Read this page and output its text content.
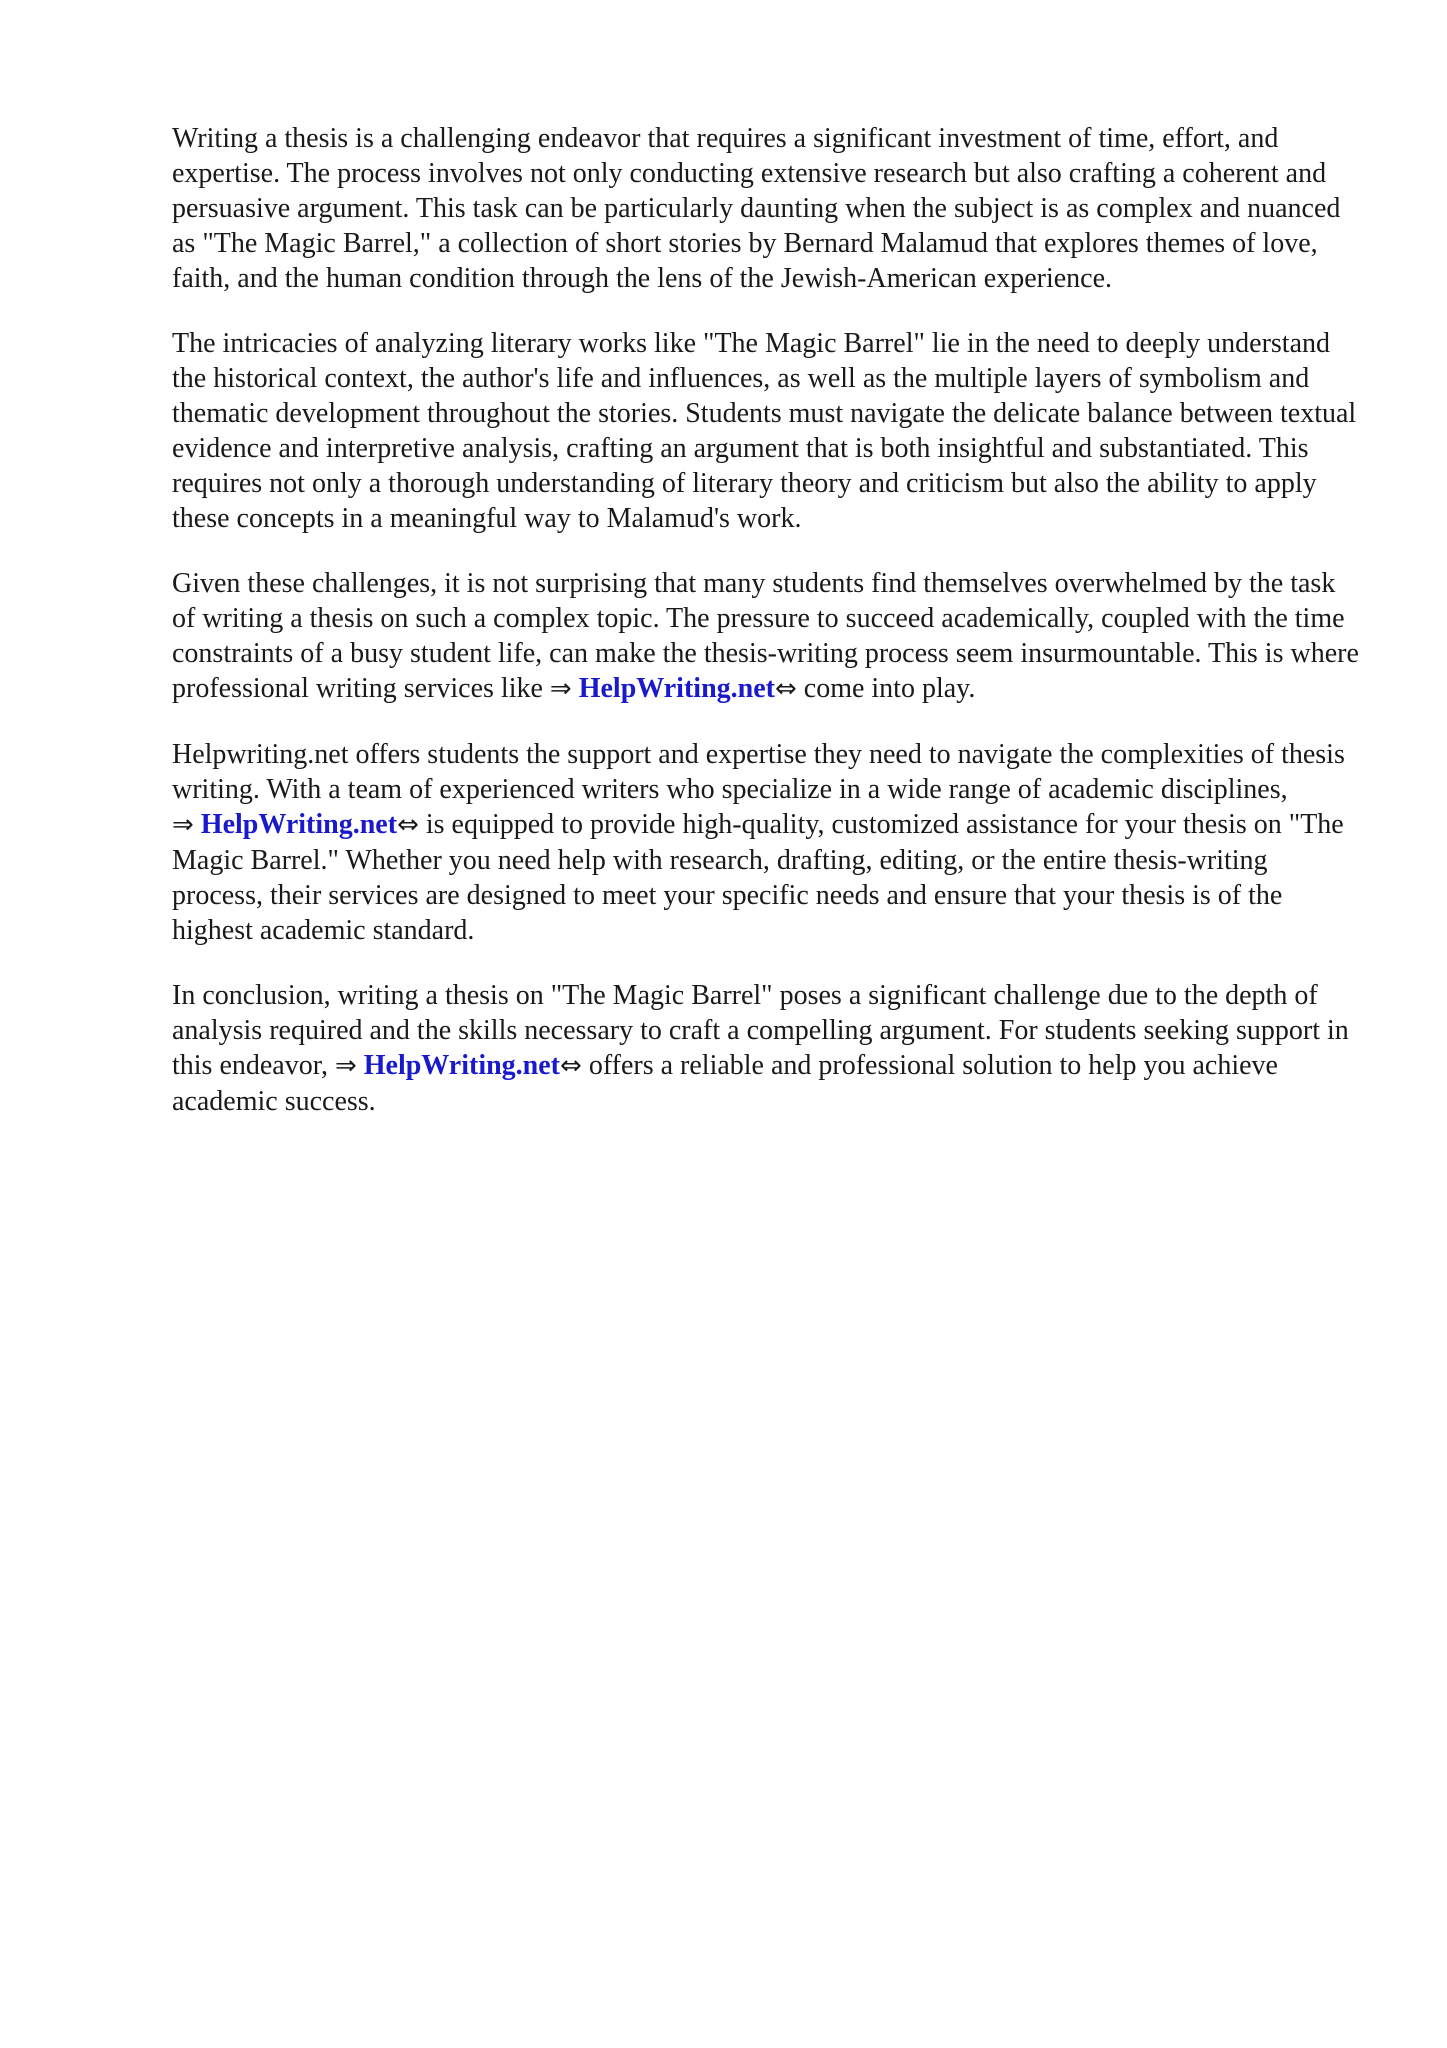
Writing a thesis is a challenging endeavor that requires a significant investment of time, effort, and expertise. The process involves not only conducting extensive research but also crafting a coherent and persuasive argument. This task can be particularly daunting when the subject is as complex and nuanced as "The Magic Barrel," a collection of short stories by Bernard Malamud that explores themes of love, faith, and the human condition through the lens of the Jewish-American experience.

The intricacies of analyzing literary works like "The Magic Barrel" lie in the need to deeply understand the historical context, the author's life and influences, as well as the multiple layers of symbolism and thematic development throughout the stories. Students must navigate the delicate balance between textual evidence and interpretive analysis, crafting an argument that is both insightful and substantiated. This requires not only a thorough understanding of literary theory and criticism but also the ability to apply these concepts in a meaningful way to Malamud's work.

Given these challenges, it is not surprising that many students find themselves overwhelmed by the task of writing a thesis on such a complex topic. The pressure to succeed academically, coupled with the time constraints of a busy student life, can make the thesis-writing process seem insurmountable. This is where professional writing services like ⇒ HelpWriting.net⇔ come into play.

Helpwriting.net offers students the support and expertise they need to navigate the complexities of thesis writing. With a team of experienced writers who specialize in a wide range of academic disciplines, ⇒ HelpWriting.net⇔ is equipped to provide high-quality, customized assistance for your thesis on "The Magic Barrel." Whether you need help with research, drafting, editing, or the entire thesis-writing process, their services are designed to meet your specific needs and ensure that your thesis is of the highest academic standard.

In conclusion, writing a thesis on "The Magic Barrel" poses a significant challenge due to the depth of analysis required and the skills necessary to craft a compelling argument. For students seeking support in this endeavor, ⇒ HelpWriting.net⇔ offers a reliable and professional solution to help you achieve academic success.
